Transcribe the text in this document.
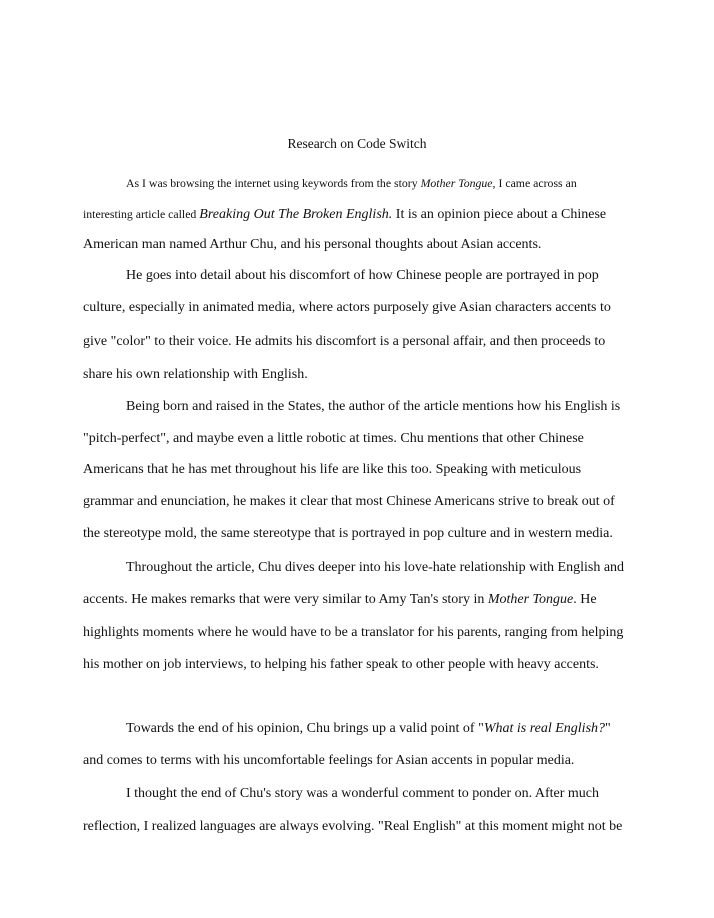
Research on Code Switch
As I was browsing the internet using keywords from the story Mother Tongue, I came across an
interesting article called Breaking Out The Broken English. It is an opinion piece about a Chinese
American man named Arthur Chu, and his personal thoughts about Asian accents.
He goes into detail about his discomfort of how Chinese people are portrayed in pop
culture, especially in animated media, where actors purposely give Asian characters accents to
give "color" to their voice. He admits his discomfort is a personal affair, and then proceeds to
share his own relationship with English.
Being born and raised in the States, the author of the article mentions how his English is
"pitch-perfect", and maybe even a little robotic at times. Chu mentions that other Chinese
Americans that he has met throughout his life are like this too. Speaking with meticulous
grammar and enunciation, he makes it clear that most Chinese Americans strive to break out of
the stereotype mold, the same stereotype that is portrayed in pop culture and in western media.
Throughout the article, Chu dives deeper into his love-hate relationship with English and
accents. He makes remarks that were very similar to Amy Tan's story in Mother Tongue. He
highlights moments where he would have to be a translator for his parents, ranging from helping
his mother on job interviews, to helping his father speak to other people with heavy accents.
Towards the end of his opinion, Chu brings up a valid point of "What is real English?"
and comes to terms with his uncomfortable feelings for Asian accents in popular media.
I thought the end of Chu's story was a wonderful comment to ponder on. After much
reflection, I realized languages are always evolving. "Real English" at this moment might not be
